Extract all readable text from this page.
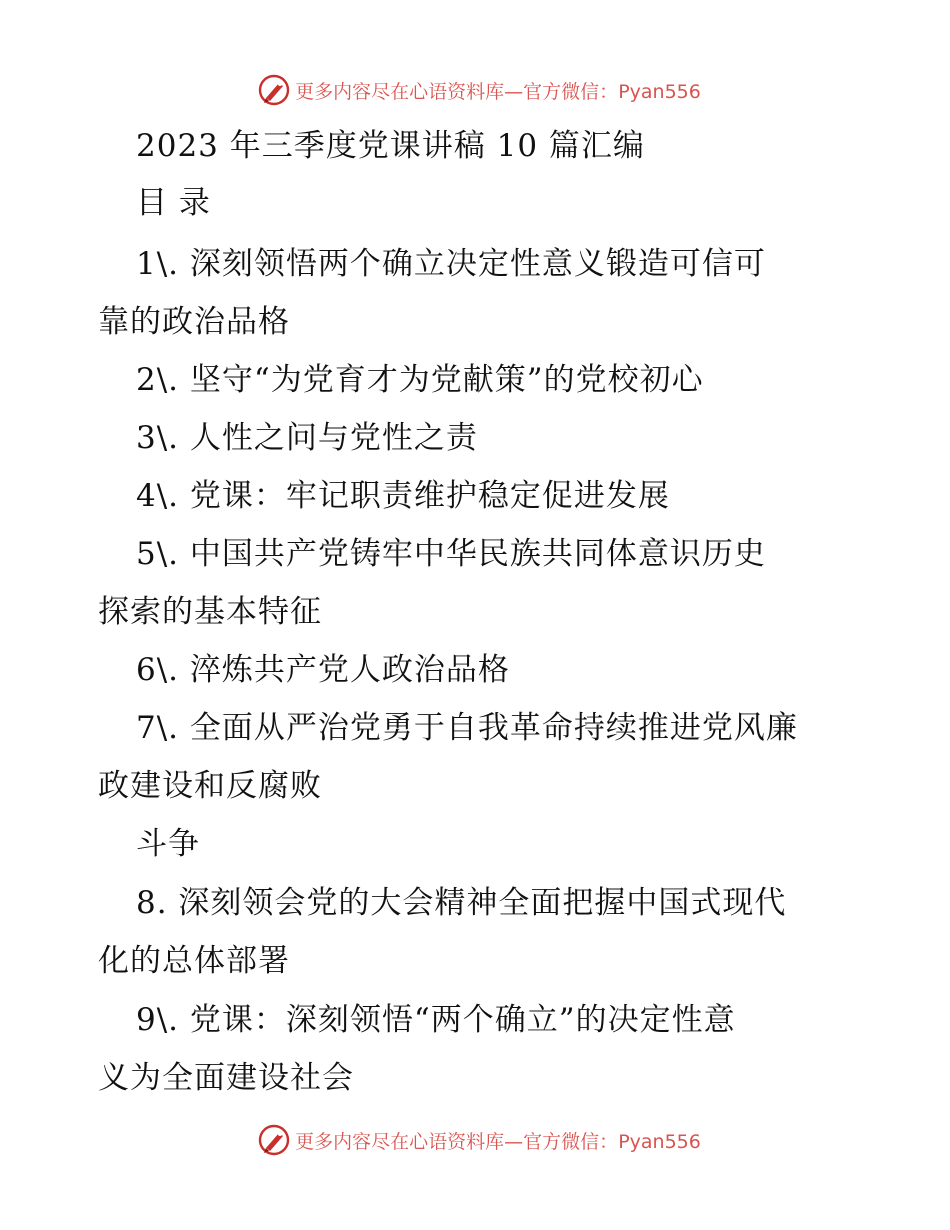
更多内容尽在心语资料库—官方微信：Pyan556
2023 年三季度党课讲稿 10 篇汇编
目 录
1\. 深刻领悟两个确立决定性意义锻造可信可
靠的政治品格
2\. 坚守“为党育才为党献策”的党校初心
3\. 人性之问与党性之责
4\. 党课：牢记职责维护稳定促进发展
5\. 中国共产党铸牢中华民族共同体意识历史
探索的基本特征
6\. 淬炼共产党人政治品格
7\. 全面从严治党勇于自我革命持续推进党风廉
政建设和反腐败
斗争
8. 深刻领会党的大会精神全面把握中国式现代
化的总体部署
9\. 党课：深刻领悟“两个确立”的决定性意
义为全面建设社会
更多内容尽在心语资料库—官方微信：Pyan556
